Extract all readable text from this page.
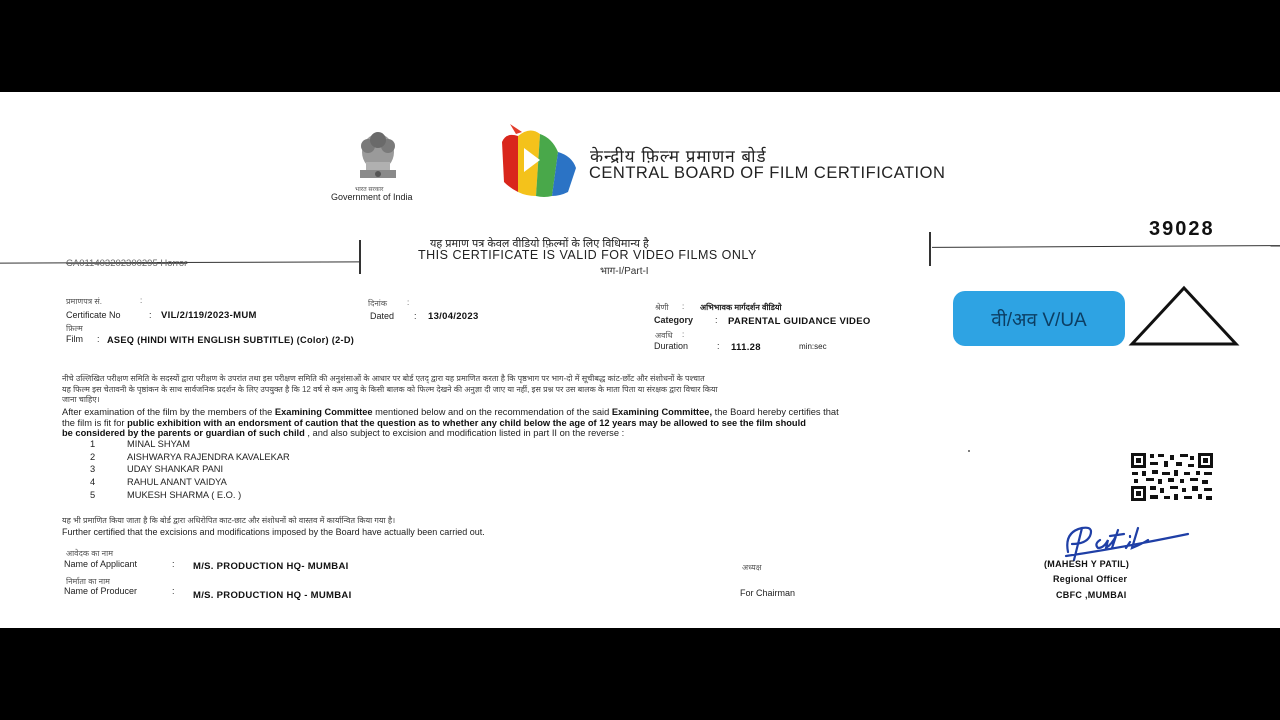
भारत सरकार
Government of India
केन्द्रीय फ़िल्म प्रमाणन बोर्ड
CENTRAL BOARD OF FILM CERTIFICATION
39028
CA011403202300295 Horror
यह प्रमाण पत्र केवल वीडियो फ़िल्मों के लिए विधिमान्य है
THIS CERTIFICATE IS VALID FOR VIDEO FILMS ONLY
भाग-I/Part-I
प्रमाणपत्र सं.	:
Certificate No	: VIL/2/119/2023-MUM
दिनांक	:
Dated : 13/04/2023
फ़िल्म
Film : ASEQ (HINDI WITH ENGLISH SUBTITLE) (Color) (2-D)
श्रेणी : अभिभावक मार्गदर्शन वीडियो
Category : PARENTAL GUIDANCE VIDEO
अवधि :
Duration	: 111.28	min:sec
वी/अव V/UA
नीचे उल्लिखित परीक्षण समिति के सदस्यों द्वारा परीक्षण के उपरांत तथा इस परीक्षण समिति की अनुशंसाओं के आधार पर बोर्ड एतद् द्वारा यह प्रमाणित करता है कि पृष्ठभाग पर भाग-दो में सूचीबद्ध कांट-छाँट और संशोधनों के पश्चात
यह फिल्म इस चेतावनी के पृष्ठांकन के साथ सार्वजनिक प्रदर्शन के लिए उपयुक्त है कि 12 वर्ष से कम आयु के किसी बालक को फिल्म देखने की अनुज्ञा दी जाए या नहीं, इस प्रश्न पर उस बालक के माता पिता या संरक्षक द्वारा विचार किया
जाना चाहिए।
After examination of the film by the members of the Examining Committee mentioned below and on the recommendation of the said Examining Committee, the Board hereby certifies that
the film is fit for public exhibition with an endorsment of caution that the question as to whether any child below the age of 12 years may be allowed to see the film should
be considered by the parents or guardian of such child , and also subject to excision and modification listed in part II on the reverse :
1	MINAL SHYAM
2	AISHWARYA RAJENDRA KAVALEKAR
3	UDAY SHANKAR PANI
4	RAHUL ANANT VAIDYA
5	MUKESH SHARMA ( E.O. )
यह भी प्रमाणित किया जाता है कि बोर्ड द्वारा अधिरोपित काट-छाट और संशोधनों को वास्तव में कार्यान्वित किया गया है।
Further certified that the excisions and modifications imposed by the Board have actually been carried out.
आवेदक का नाम
Name of Applicant	: M/S. PRODUCTION HQ- MUMBAI
निर्माता का नाम
Name of Producer	: M/S. PRODUCTION HQ - MUMBAI
अध्यक्ष
For Chairman
(MAHESH Y PATIL)
Regional Officer
CBFC ,MUMBAI
